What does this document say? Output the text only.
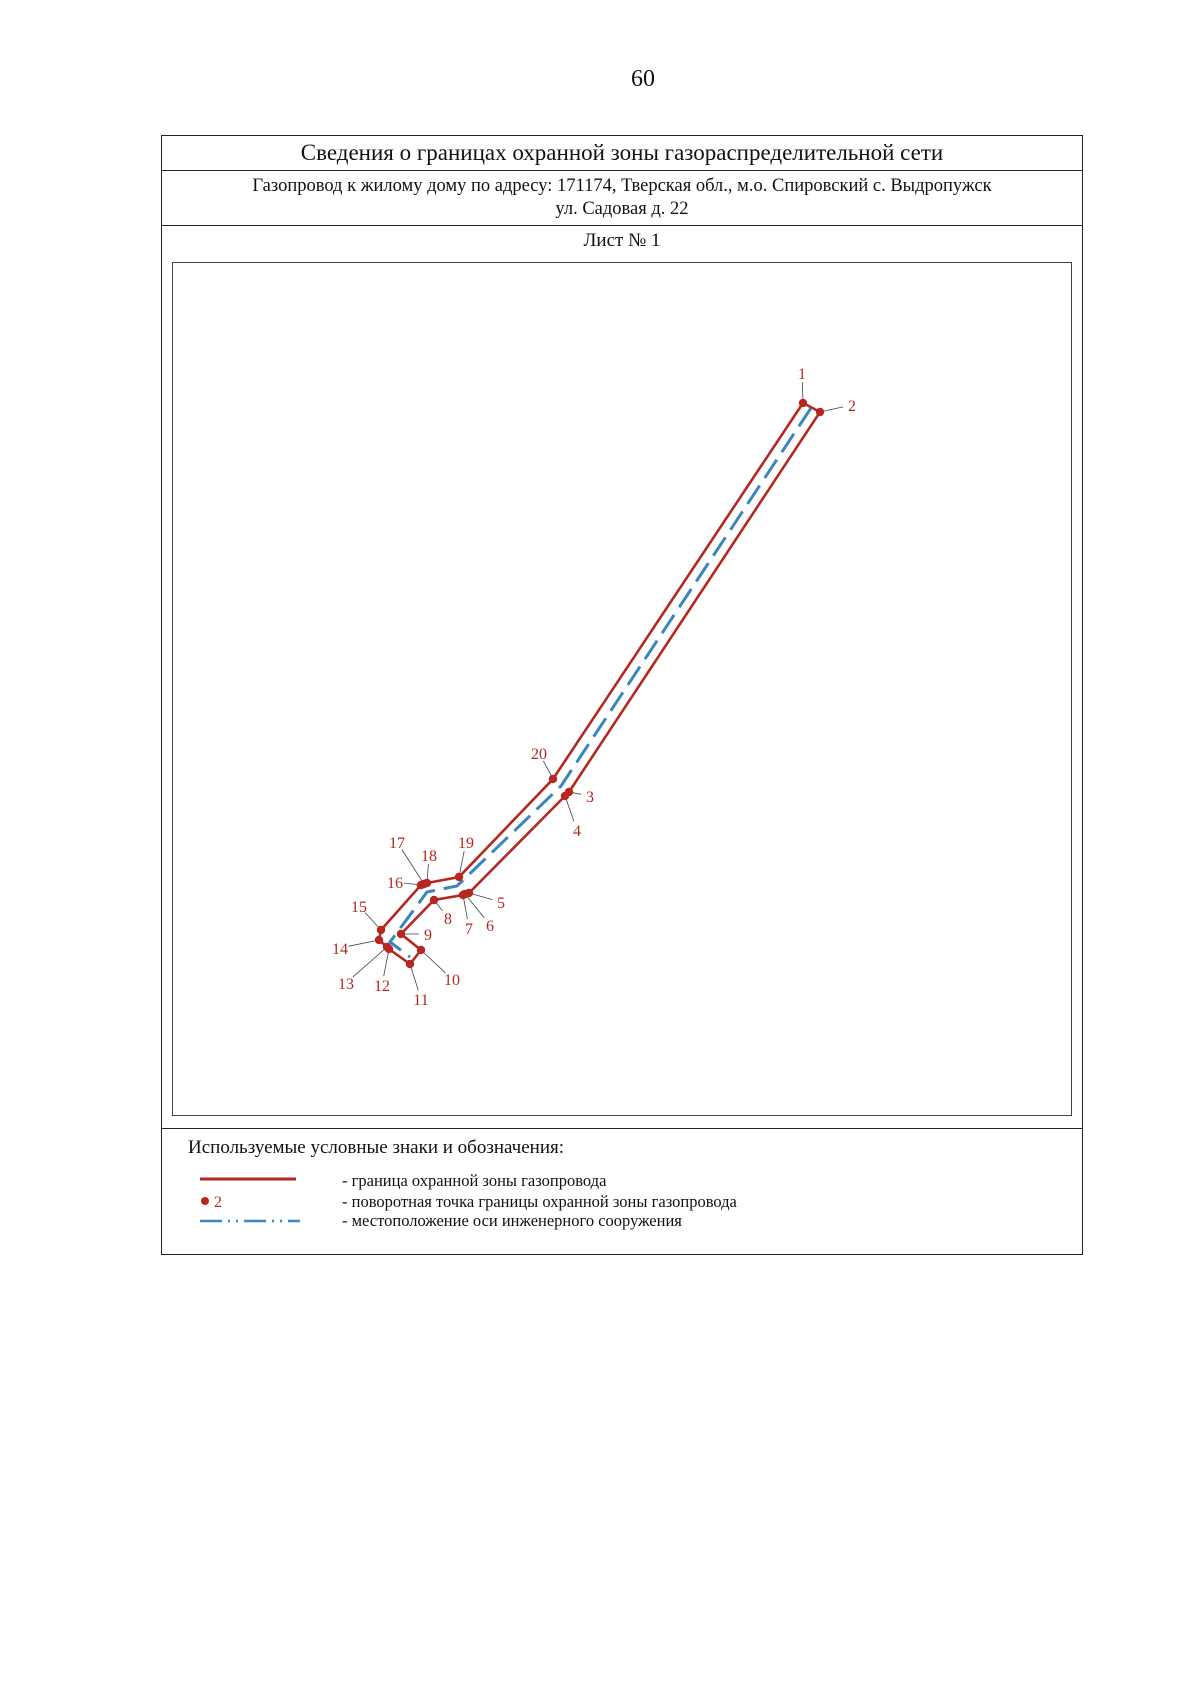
60
Сведения о границах охранной зоны газораспределительной сети
Газопровод к жилому дому по адресу: 171174, Тверская обл., м.о. Спировский с. Выдропужск
ул. Садовая д. 22
Лист № 1
1
2
3
4
5
6
7
8
9
10
11
12
13
14
15
16
17
18
19
20
Используемые условные знаки и обозначения:
- граница охранной зоны газопровода
2	- поворотная точка границы охранной зоны газопровода
- местоположение оси инженерного сооружения
